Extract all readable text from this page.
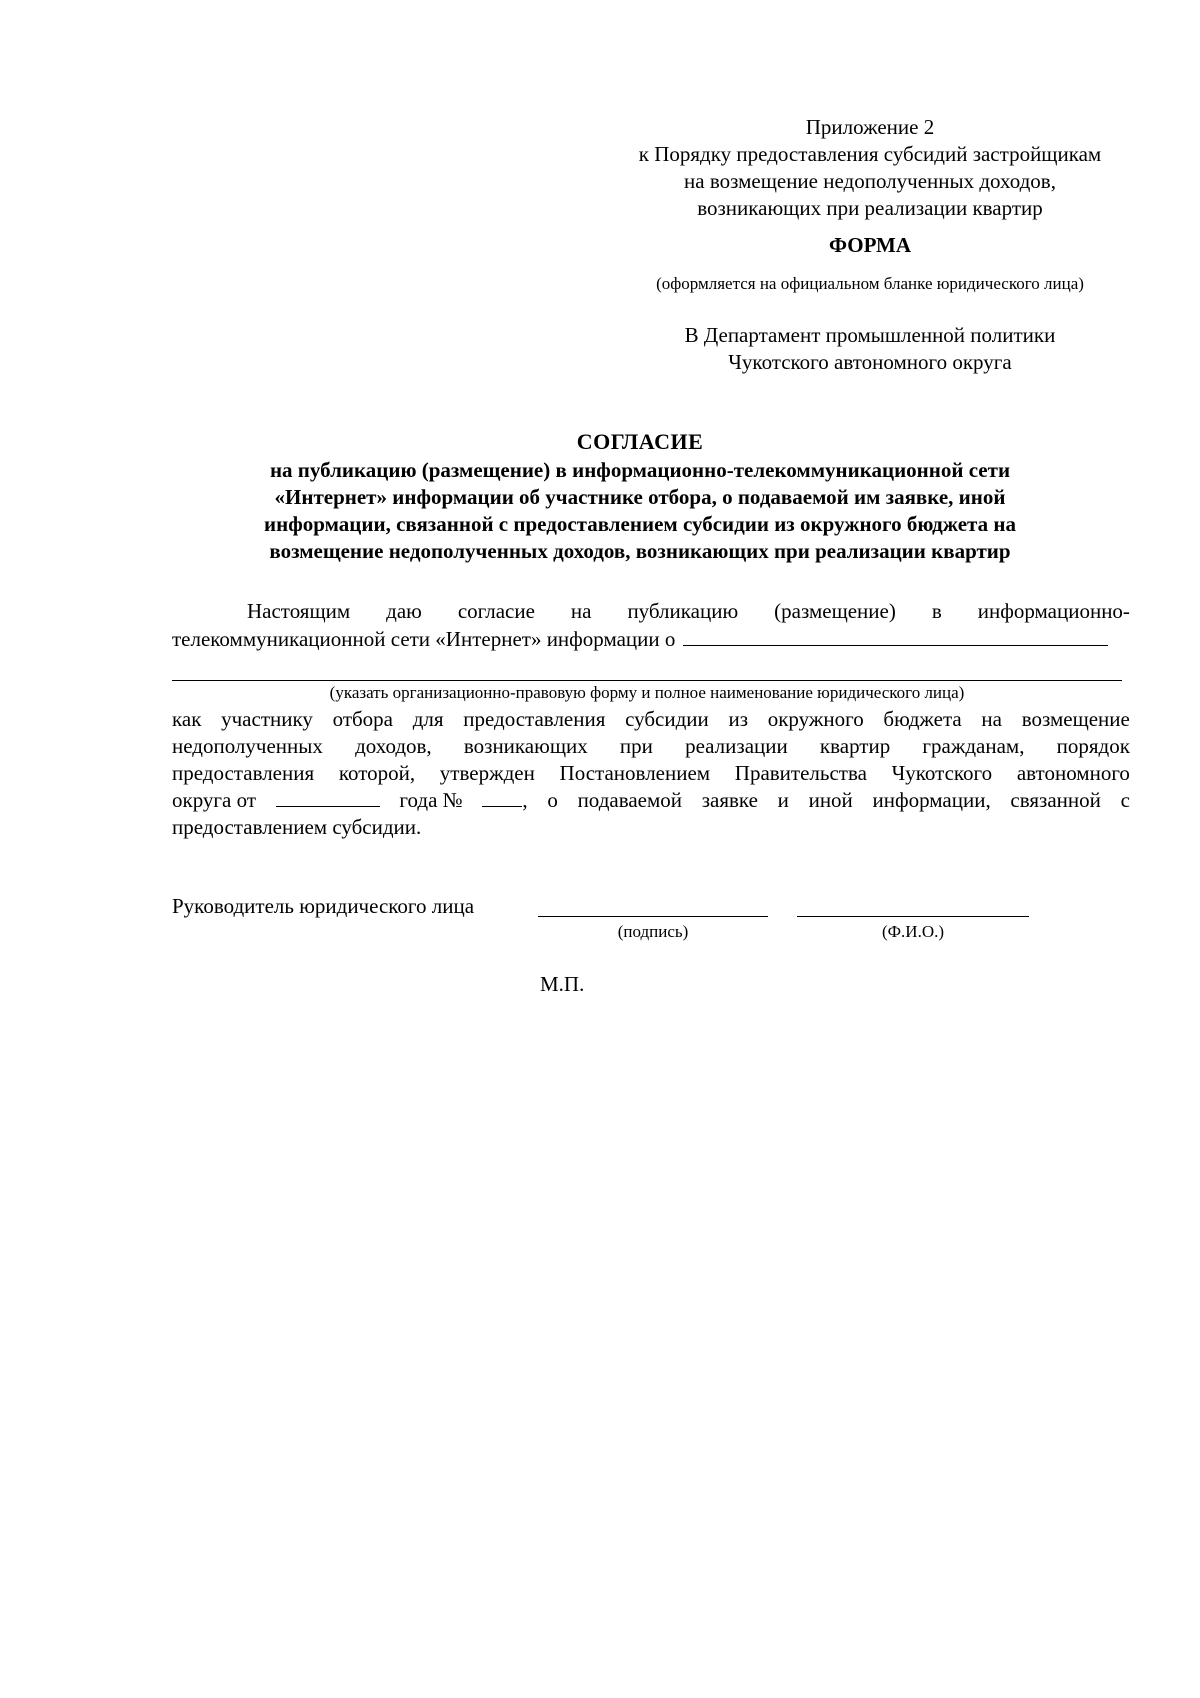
Приложение 2
к Порядку предоставления субсидий застройщикам
на возмещение недополученных доходов,
возникающих при реализации квартир
ФОРМА
(оформляется на официальном бланке юридического лица)
В Департамент промышленной политики
Чукотского автономного округа
СОГЛАСИЕ
на публикацию (размещение) в информационно-телекоммуникационной сети
«Интернет» информации об участнике отбора, о подаваемой им заявке, иной
информации, связанной с предоставлением субсидии из окружного бюджета на
возмещение недополученных доходов, возникающих при реализации квартир
Настоящим даю согласие на публикацию (размещение) в информационно-
телекоммуникационной сети «Интернет» информации о
(указать организационно-правовую форму и полное наименование юридического лица)
как участнику отбора для предоставления субсидии из окружного бюджета на возмещение
недополученных доходов, возникающих при реализации квартир гражданам, порядок
предоставления которой, утвержден Постановлением Правительства Чукотского автономного
округа от	года №	, о подаваемой заявке и иной информации, связанной с
предоставлением субсидии.
Руководитель юридического лица
(подпись)	(Ф.И.О.)
М.П.
